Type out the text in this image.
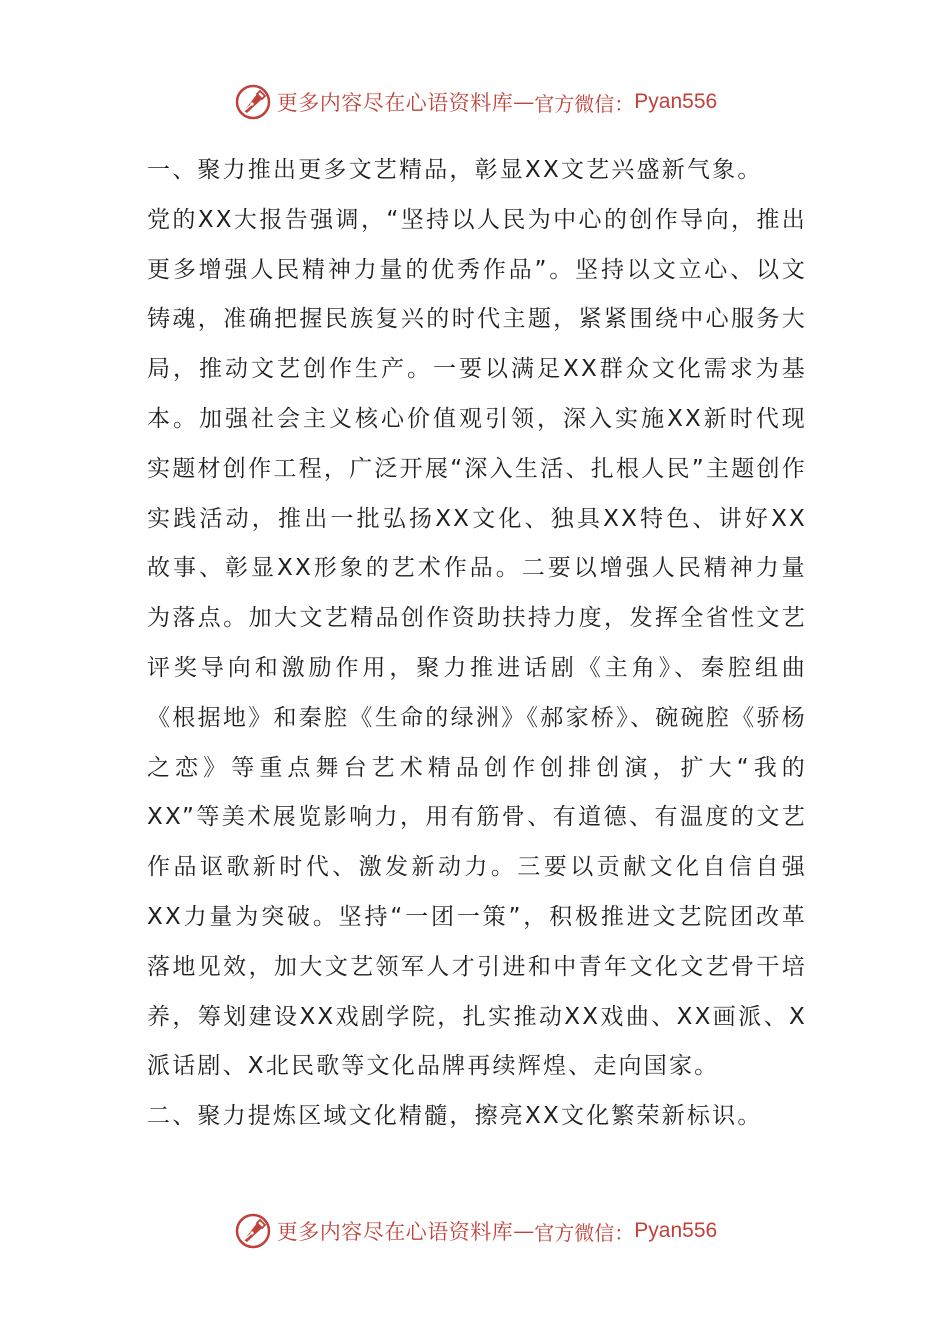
更多内容尽在心语资料库 — 官方微信： Pyan556

一、聚力推出更多文艺精品，彰显XX文艺兴盛新气象。

党的XX大报告强调，“坚持以人民为中心的创作导向，推出更多增强人民精神力量的优秀作品”。坚持以文立心、以文铸魂，准确把握民族复兴的时代主题，紧紧围绕中心服务大局，推动文艺创作生产。一要以满足XX群众文化需求为基本。加强社会主义核心价值观引领，深入实施XX新时代现实题材创作工程，广泛开展“深入生活、扎根人民”主题创作实践活动，推出一批弘扬XX文化、独具XX特色、讲好XX故事、彰显XX形象的艺术作品。二要以增强人民精神力量为落点。加大文艺精品创作资助扶持力度，发挥全省性文艺评奖导向和激励作用，聚力推进话剧《主角》、秦腔组曲《根据地》和秦腔《生命的绿洲》《郝家桥》、碗碗腔《骄杨之恋》等重点舞台艺术精品创作创排创演，扩大“我的XX”等美术展览影响力，用有筋骨、有道德、有温度的文艺作品讴歌新时代、激发新动力。三要以贡献文化自信自强XX力量为突破。坚持“一团一策”，积极推进文艺院团改革落地见效，加大文艺领军人才引进和中青年文化文艺骨干培养，筹划建设XX戏剧学院，扎实推动XX戏曲、XX画派、X派话剧、X北民歌等文化品牌再续辉煌、走向国家。

二、聚力提炼区域文化精髓，擦亮XX文化繁荣新标识。

更多内容尽在心语资料库 — 官方微信： Pyan556
